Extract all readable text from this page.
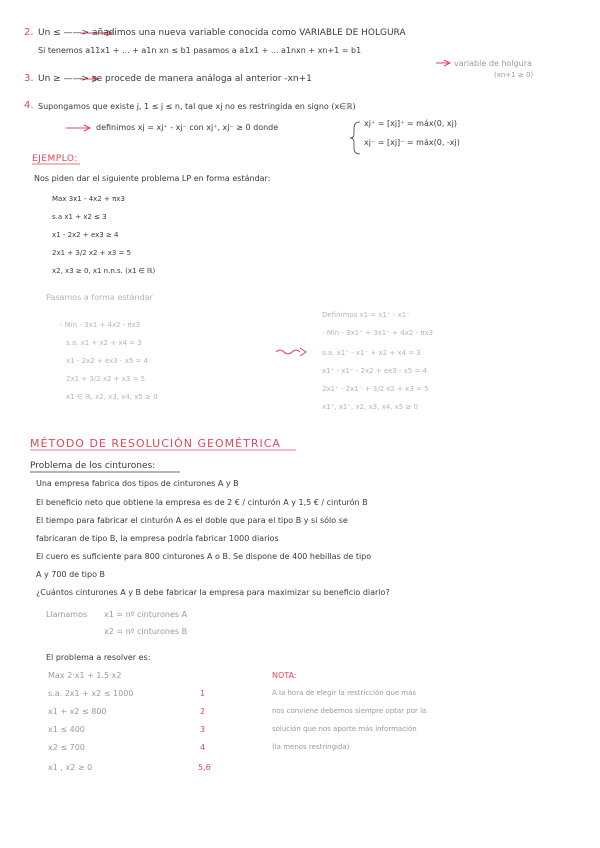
2. Un ≤ ——> añadimos una nueva variable conocida como VARIABLE DE HOLGURA
Si tenemos a11x1 + ... + a1n xn ≤ b1 pasamos a a1x1 + ... a1nxn + xn+1 = b1
variable de holgura
(xn+1 ≥ 0)
3. Un ≥ ——> se procede de manera análoga al anterior -xn+1
4. Supongamos que existe j, 1 ≤ j ≤ n, tal que xj no es restringida en signo (x∈ℝ)
definimos xj = xj⁺ - xj⁻ con xj⁺, xj⁻ ≥ 0 donde	xj⁺ = [xj]⁺ = máx(0, xj)
xj⁻ = [xj]⁻ = máx(0, -xj)
EJEMPLO:
Nos piden dar el siguiente problema LP en forma estándar:
Max 3x1 - 4x2 + πx3
s.a x1 + x2 ≤ 3
x1 - 2x2 + ex3 ≥ 4
2x1 + 3/2 x2 + x3 = 5
x2, x3 ≥ 0, x1 n.n.s. (x1 ∈ ℝ)
Pasamos a forma estándar
- Min - 3x1 + 4x2 - πx3
s.a. x1 + x2 + x4 = 3
x1 - 2x2 + ex3 - x5 = 4
2x1 + 3/2 x2 + x3 = 5
x1 ∈ ℝ, x2, x3, x4, x5 ≥ 0
Definimos x1 = x1⁺ - x1⁻
- Min - 3x1⁺ + 3x1⁻ + 4x2 - πx3
s.a. x1⁺ - x1⁻ + x2 + x4 = 3
x1⁺ - x1⁻ - 2x2 + ex3 - x5 = 4
2x1⁺ - 2x1⁻ + 3/2 x2 + x3 = 5
x1⁺, x1⁻, x2, x3, x4, x5 ≥ 0
MÉTODO DE RESOLUCIÓN GEOMÉTRICA
Problema de los cinturones:
Una empresa fabrica dos tipos de cinturones A y B
El beneficio neto que obtiene la empresa es de 2 € / cinturón A y 1,5 € / cinturón B
El tiempo para fabricar el cinturón A es el doble que para el tipo B y si sólo se
fabricaran de tipo B, la empresa podría fabricar 1000 diarios
El cuero es suficiente para 800 cinturones A o B. Se dispone de 400 hebillas de tipo
A y 700 de tipo B
¿Cuántos cinturones A y B debe fabricar la empresa para maximizar su beneficio diario?
Llamamos x1 = nº cinturones A
x2 = nº cinturones B
El problema a resolver es:
Max 2·x1 + 1.5·x2
s.a. 2x1 + x2 ≤ 1000
x1 + x2 ≤ 800
x1 ≤ 400
x2 ≤ 700
x1 , x2 ≥ 0
1
2
3
4
5,6
NOTA:
A la hora de elegir la restricción que más
nos conviene debemos siempre optar por la
solución que nos aporte más información
(la menos restringida)
